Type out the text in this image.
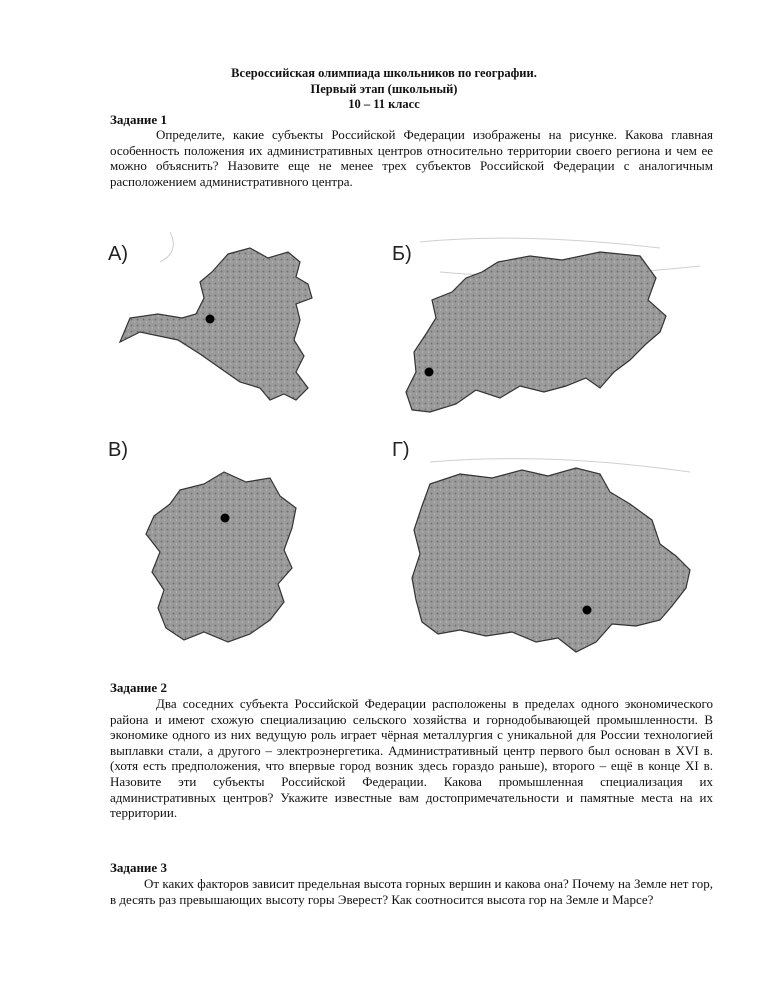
Всероссийская олимпиада школьников по географии.
Первый этап (школьный)
10 – 11 класс
Задание 1
Определите, какие субъекты Российской Федерации изображены на рисунке. Какова главная особенность положения их административных центров относительно территории своего региона и чем ее можно объяснить? Назовите еще не менее трех субъектов Российской Федерации с аналогичным расположением административного центра.
А)	Б)
В)	Г)
Задание 2
Два соседних субъекта Российской Федерации расположены в пределах одного экономического района и имеют схожую специализацию сельского хозяйства и горнодобывающей промышленности. В экономике одного из них ведущую роль играет чёрная металлургия с уникальной для России технологией выплавки стали, а другого – электроэнергетика. Административный центр первого был основан в XVI в. (хотя есть предположения, что впервые город возник здесь гораздо раньше), второго – ещё в конце XI в. Назовите эти субъекты Российской Федерации. Какова промышленная специализация их административных центров? Укажите известные вам достопримечательности и памятные места на их территории.
Задание 3
От каких факторов зависит предельная высота горных вершин и какова она? Почему на Земле нет гор, в десять раз превышающих высоту горы Эверест? Как соотносится высота гор на Земле и Марсе?
